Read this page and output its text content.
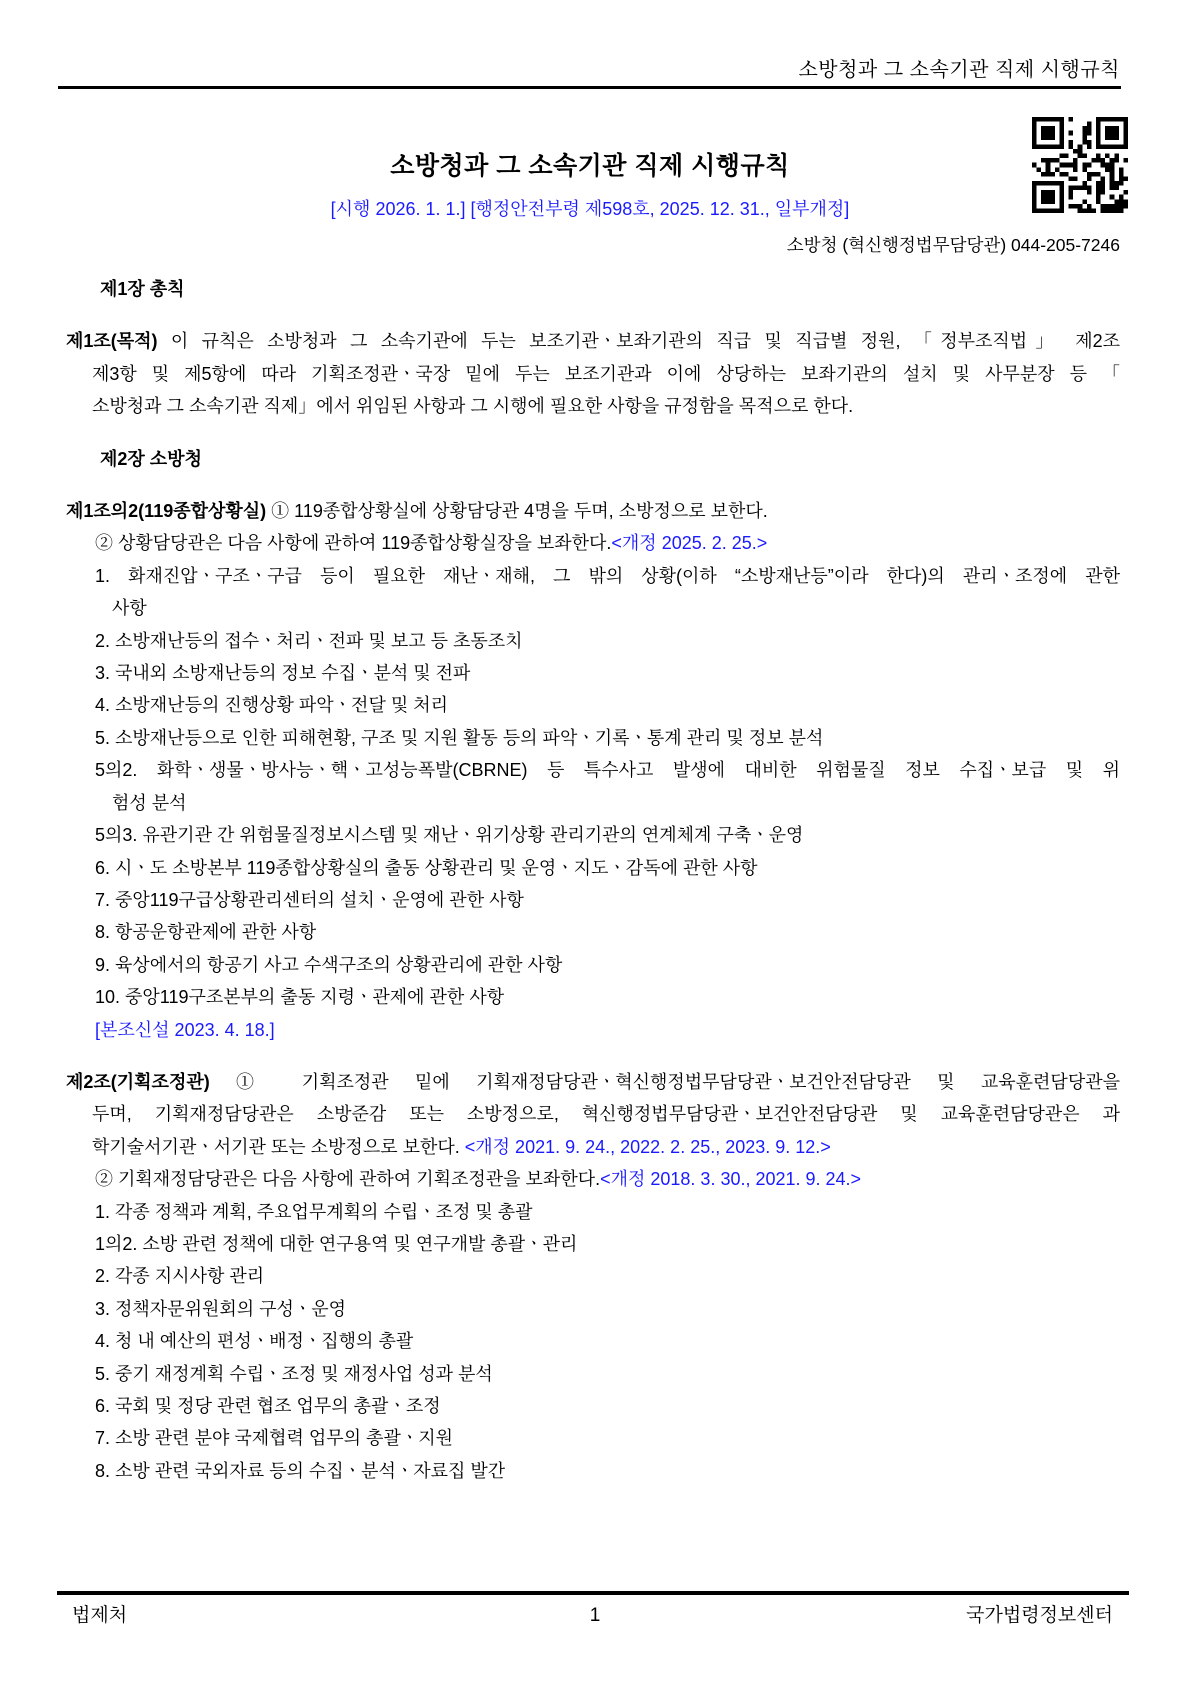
소방청과 그 소속기관 직제 시행규칙
소방청과 그 소속기관 직제 시행규칙
[시행 2026. 1. 1.] [행정안전부령 제598호, 2025. 12. 31., 일부개정]
소방청 (혁신행정법무담당관) 044-205-7246
제1장 총칙
제1조(목적) 이 규칙은 소방청과 그 소속기관에 두는 보조기관ㆍ보좌기관의 직급 및 직급별 정원, 「정부조직법」 제2조
제3항 및 제5항에 따라 기획조정관ㆍ국장 밑에 두는 보조기관과 이에 상당하는 보좌기관의 설치 및 사무분장 등 「
소방청과 그 소속기관 직제」에서 위임된 사항과 그 시행에 필요한 사항을 규정함을 목적으로 한다.
제2장 소방청
제1조의2(119종합상황실) ① 119종합상황실에 상황담당관 4명을 두며, 소방정으로 보한다.
② 상황담당관은 다음 사항에 관하여 119종합상황실장을 보좌한다.<개정 2025. 2. 25.>
1. 화재진압ㆍ구조ㆍ구급 등이 필요한 재난ㆍ재해, 그 밖의 상황(이하 “소방재난등”이라 한다)의 관리ㆍ조정에 관한
사항
2. 소방재난등의 접수ㆍ처리ㆍ전파 및 보고 등 초동조치
3. 국내외 소방재난등의 정보 수집ㆍ분석 및 전파
4. 소방재난등의 진행상황 파악ㆍ전달 및 처리
5. 소방재난등으로 인한 피해현황, 구조 및 지원 활동 등의 파악ㆍ기록ㆍ통계 관리 및 정보 분석
5의2. 화학ㆍ생물ㆍ방사능ㆍ핵ㆍ고성능폭발(CBRNE) 등 특수사고 발생에 대비한 위험물질 정보 수집ㆍ보급 및 위
험성 분석
5의3. 유관기관 간 위험물질정보시스템 및 재난ㆍ위기상황 관리기관의 연계체계 구축ㆍ운영
6. 시ㆍ도 소방본부 119종합상황실의 출동 상황관리 및 운영ㆍ지도ㆍ감독에 관한 사항
7. 중앙119구급상황관리센터의 설치ㆍ운영에 관한 사항
8. 항공운항관제에 관한 사항
9. 육상에서의 항공기 사고 수색구조의 상황관리에 관한 사항
10. 중앙119구조본부의 출동 지령ㆍ관제에 관한 사항
[본조신설 2023. 4. 18.]
제2조(기획조정관) ① 기획조정관 밑에 기획재정담당관ㆍ혁신행정법무담당관ㆍ보건안전담당관 및 교육훈련담당관을
두며, 기획재정담당관은 소방준감 또는 소방정으로, 혁신행정법무담당관ㆍ보건안전담당관 및 교육훈련담당관은 과
학기술서기관ㆍ서기관 또는 소방정으로 보한다. <개정 2021. 9. 24., 2022. 2. 25., 2023. 9. 12.>
② 기획재정담당관은 다음 사항에 관하여 기획조정관을 보좌한다.<개정 2018. 3. 30., 2021. 9. 24.>
1. 각종 정책과 계획, 주요업무계획의 수립ㆍ조정 및 총괄
1의2. 소방 관련 정책에 대한 연구용역 및 연구개발 총괄ㆍ관리
2. 각종 지시사항 관리
3. 정책자문위원회의 구성ㆍ운영
4. 청 내 예산의 편성ㆍ배정ㆍ집행의 총괄
5. 중기 재정계획 수립ㆍ조정 및 재정사업 성과 분석
6. 국회 및 정당 관련 협조 업무의 총괄ㆍ조정
7. 소방 관련 분야 국제협력 업무의 총괄ㆍ지원
8. 소방 관련 국외자료 등의 수집ㆍ분석ㆍ자료집 발간
법제처	1	국가법령정보센터
